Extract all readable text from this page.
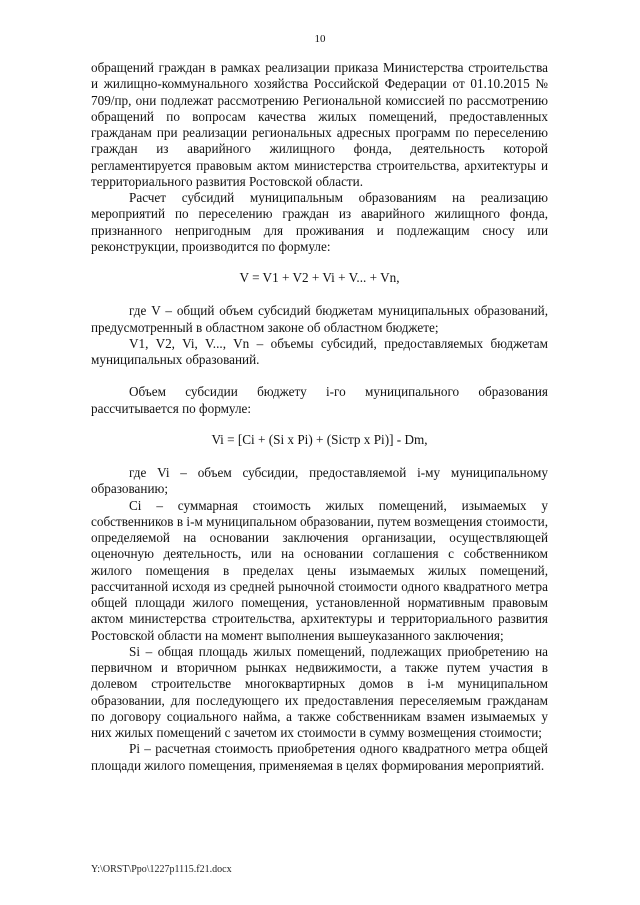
10

обращений граждан в рамках реализации приказа Министерства строительства и жилищно-коммунального хозяйства Российской Федерации от 01.10.2015 № 709/пр, они подлежат рассмотрению Региональной комиссией по рассмотрению обращений по вопросам качества жилых помещений, предоставленных гражданам при реализации региональных адресных программ по переселению граждан из аварийного жилищного фонда, деятельность которой регламентируется правовым актом министерства строительства, архитектуры и территориального развития Ростовской области.

Расчет субсидий муниципальным образованиям на реализацию мероприятий по переселению граждан из аварийного жилищного фонда, признанного непригодным для проживания и подлежащим сносу или реконструкции, производится по формуле:

V = V1 + V2 + Vi + V... + Vn,

где V – общий объем субсидий бюджетам муниципальных образований, предусмотренный в областном законе об областном бюджете;

V1, V2, Vi, V..., Vn – объемы субсидий, предоставляемых бюджетам муниципальных образований.

Объем субсидии бюджету i-го муниципального образования рассчитывается по формуле:

Vi = [Ci + (Si x Pi) + (Siстр x Pi)] - Dm,

где Vi – объем субсидии, предоставляемой i-му муниципальному образованию;

Ci – суммарная стоимость жилых помещений, изымаемых у собственников в i-м муниципальном образовании, путем возмещения стоимости, определяемой на основании заключения организации, осуществляющей оценочную деятельность, или на основании соглашения с собственником жилого помещения в пределах цены изымаемых жилых помещений, рассчитанной исходя из средней рыночной стоимости одного квадратного метра общей площади жилого помещения, установленной нормативным правовым актом министерства строительства, архитектуры и территориального развития Ростовской области на момент выполнения вышеуказанного заключения;

Si – общая площадь жилых помещений, подлежащих приобретению на первичном и вторичном рынках недвижимости, а также путем участия в долевом строительстве многоквартирных домов в i-м муниципальном образовании, для последующего их предоставления переселяемым гражданам по договору социального найма, а также собственникам взамен изымаемых у них жилых помещений с зачетом их стоимости в сумму возмещения стоимости;

Pi – расчетная стоимость приобретения одного квадратного метра общей площади жилого помещения, применяемая в целях формирования мероприятий.

Y:\ORST\Ppo\1227p1115.f21.docx
